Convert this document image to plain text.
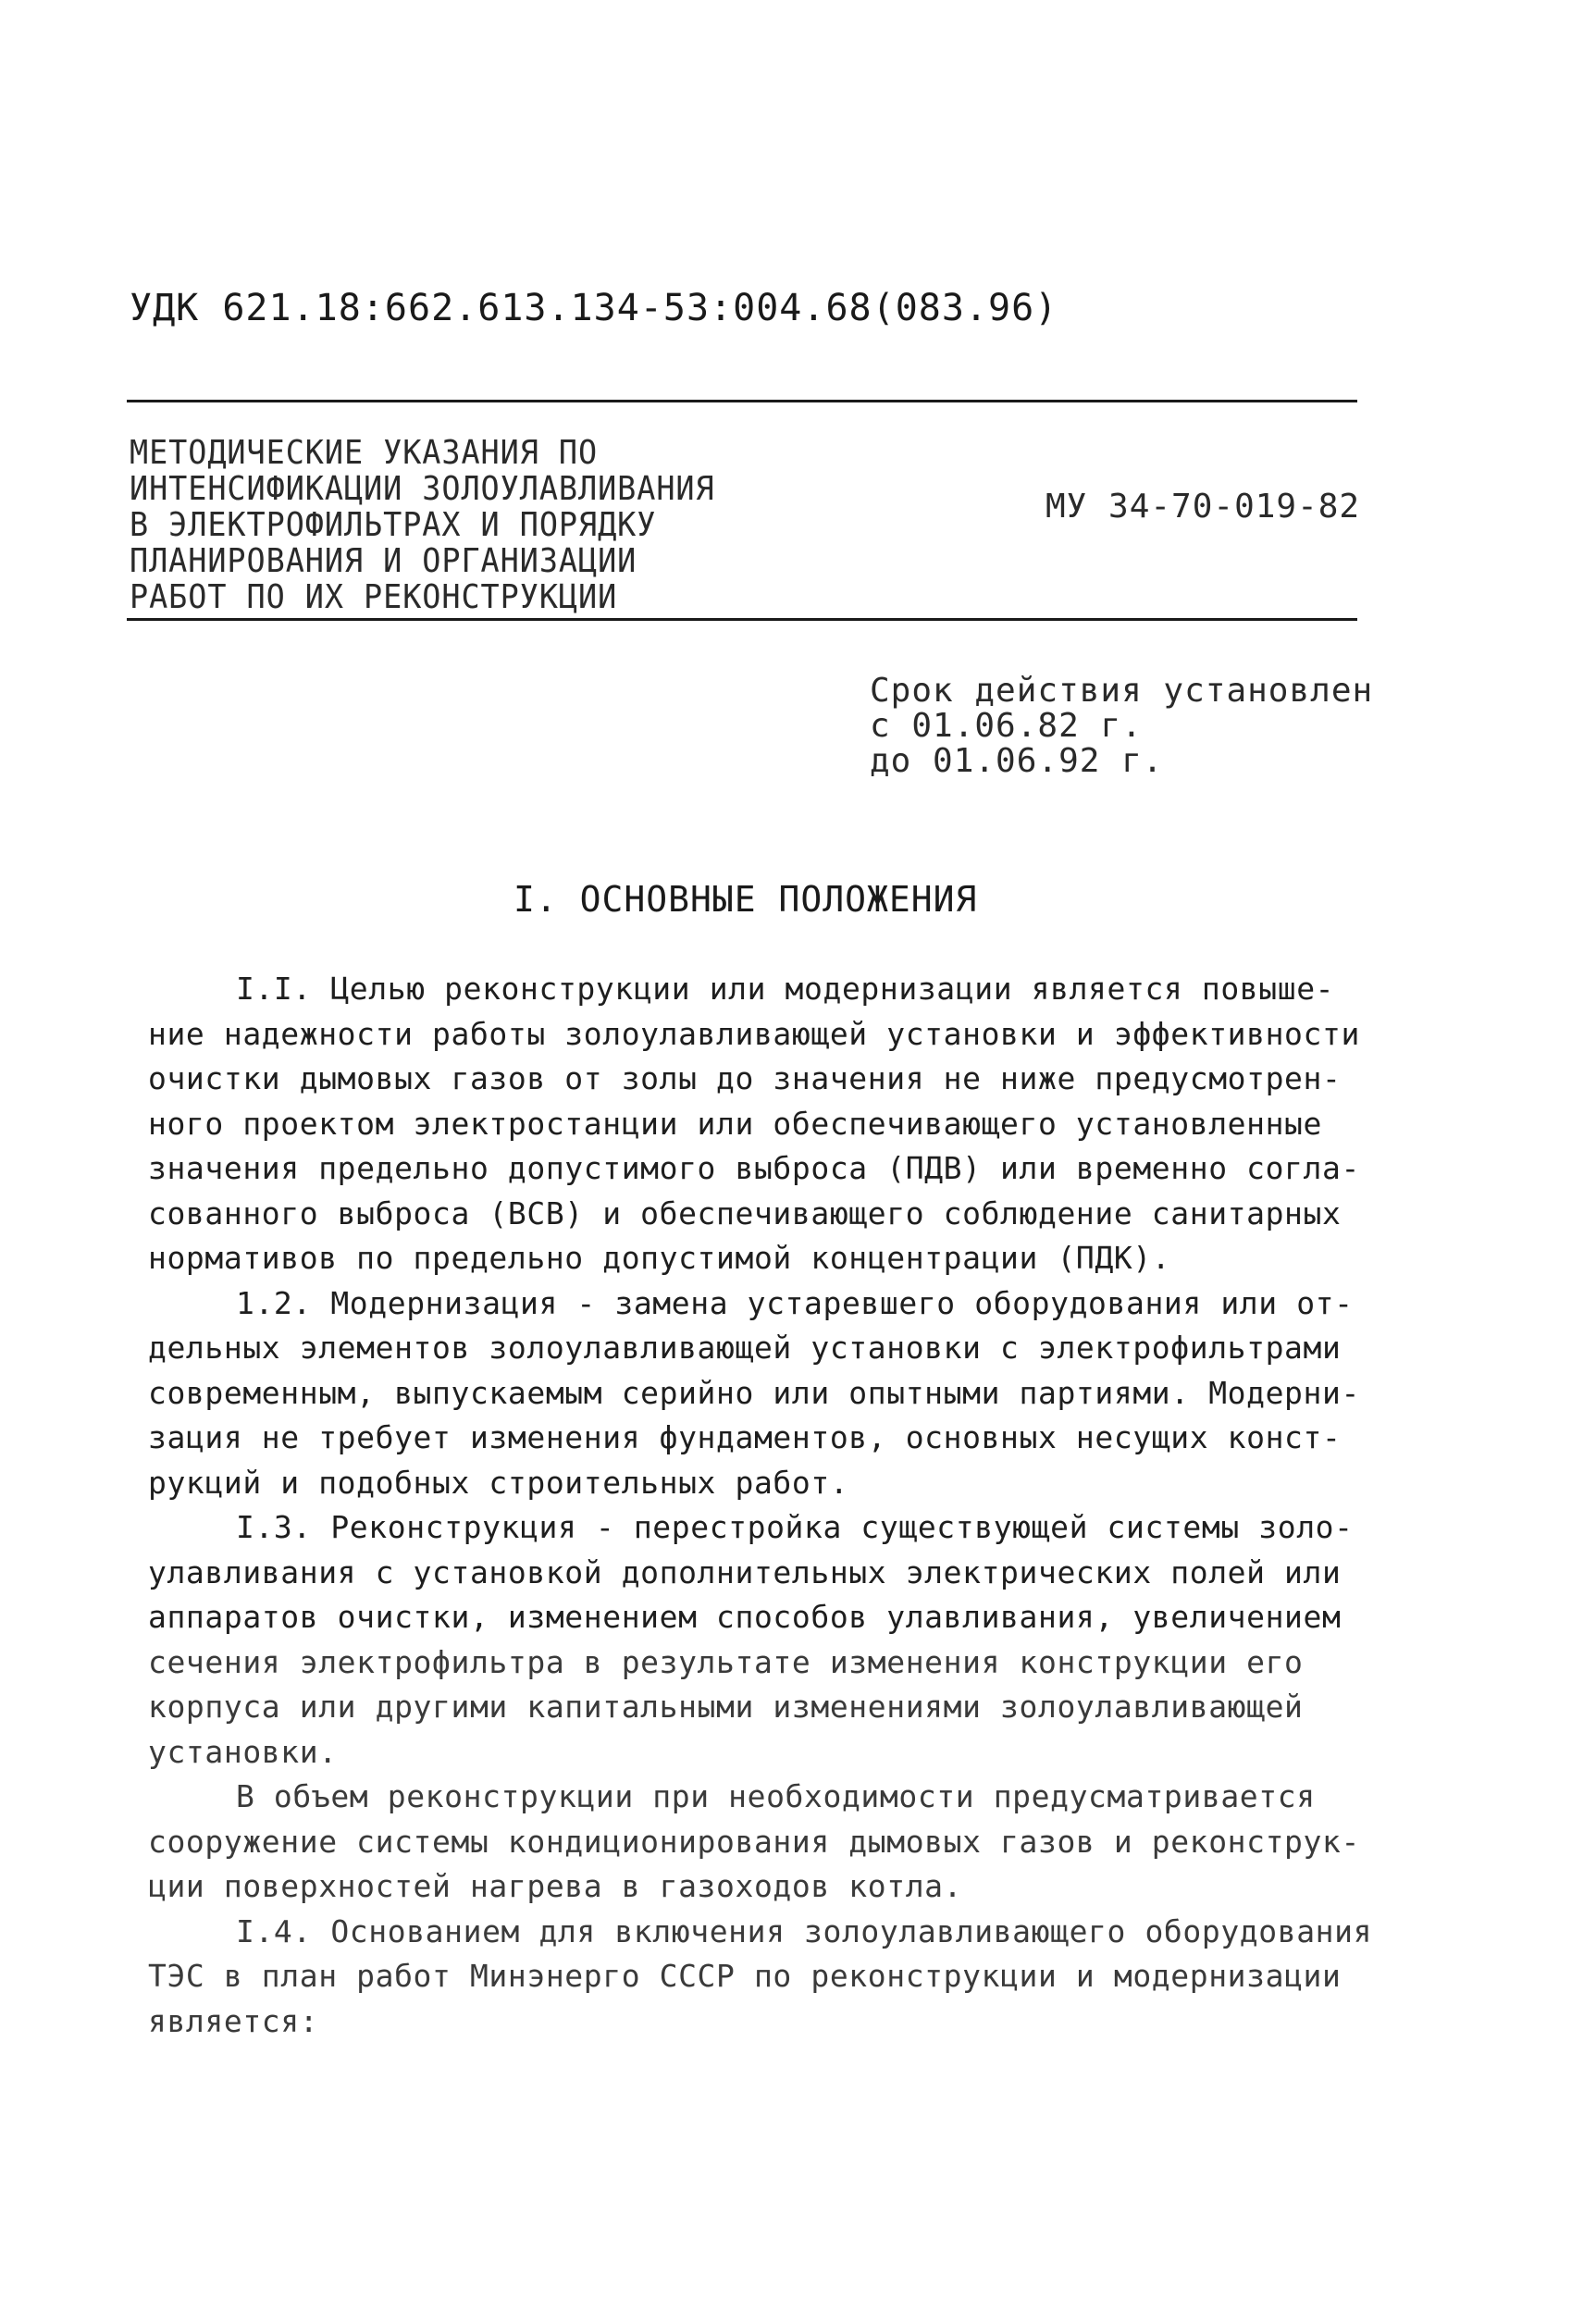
УДК 621.18:662.613.134-53:004.68(083.96)
МЕТОДИЧЕСКИЕ УКАЗАНИЯ ПО
ИНТЕНСИФИКАЦИИ ЗОЛОУЛАВЛИВАНИЯ
В ЭЛЕКТРОФИЛЬТРАХ И ПОРЯДКУ
ПЛАНИРОВАНИЯ И ОРГАНИЗАЦИИ
РАБОТ ПО ИХ РЕКОНСТРУКЦИИ
МУ 34-70-019-82
Срок действия установлен
с 01.06.82 г.
до 01.06.92 г.
I. ОСНОВНЫЕ ПОЛОЖЕНИЯ
I.I. Целью реконструкции или модернизации является повыше-
ние надежности работы золоулавливающей установки и эффективности
очистки дымовых газов от золы до значения не ниже предусмотрен-
ного проектом электростанции или обеспечивающего установленные
значения предельно допустимого выброса (ПДВ) или временно согла-
сованного выброса (ВСВ) и обеспечивающего соблюдение санитарных
нормативов по предельно допустимой концентрации (ПДК).
1.2. Модернизация - замена устаревшего оборудования или от-
дельных элементов золоулавливающей установки с электрофильтрами
современным, выпускаемым серийно или опытными партиями. Модерни-
зация не требует изменения фундаментов, основных несущих конст-
рукций и подобных строительных работ.
I.3. Реконструкция - перестройка существующей системы золо-
улавливания с установкой дополнительных электрических полей или
аппаратов очистки, изменением способов улавливания, увеличением
сечения электрофильтра в результате изменения конструкции его
корпуса или другими капитальными изменениями золоулавливающей
установки.
В объем реконструкции при необходимости предусматривается
сооружение системы кондиционирования дымовых газов и реконструк-
ции поверхностей нагрева в газоходов котла.
I.4. Основанием для включения золоулавливающего оборудования
ТЭС в план работ Минэнерго СССР по реконструкции и модернизации
является:
